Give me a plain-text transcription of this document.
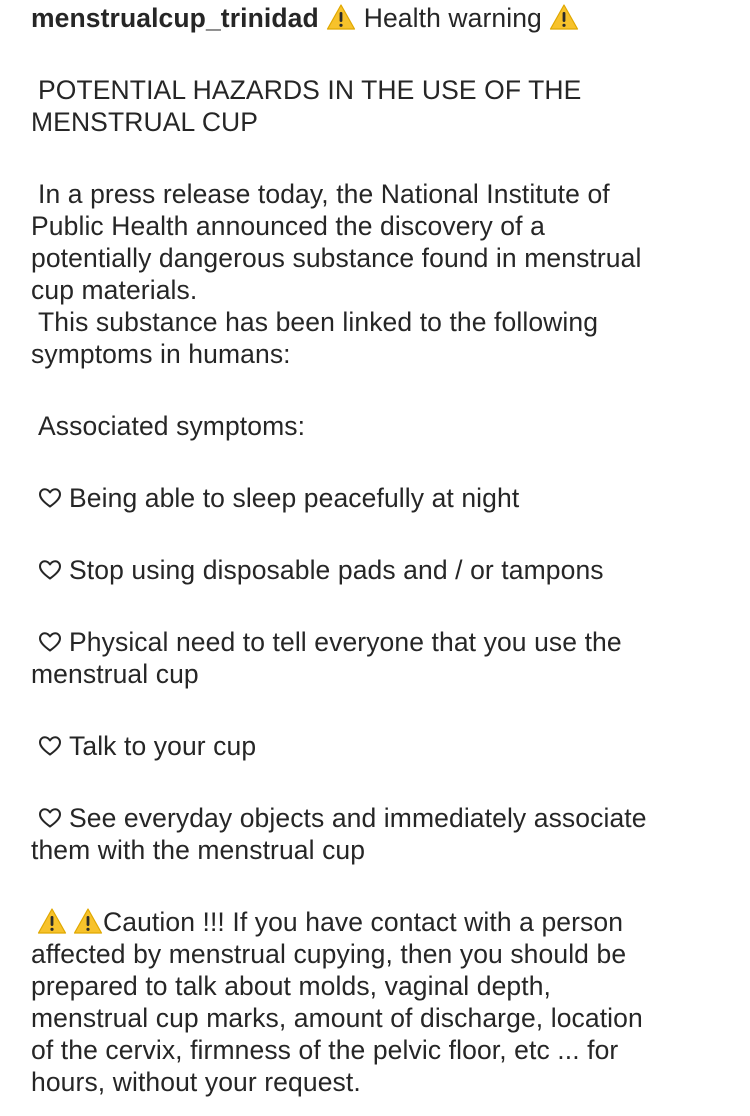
menstrualcup_trinidad Health warning
POTENTIAL HAZARDS IN THE USE OF THE
MENSTRUAL CUP
In a press release today, the National Institute of
Public Health announced the discovery of a
potentially dangerous substance found in menstrual
cup materials.
This substance has been linked to the following
symptoms in humans:
Associated symptoms:
Being able to sleep peacefully at night
Stop using disposable pads and / or tampons
Physical need to tell everyone that you use the
menstrual cup
Talk to your cup
See everyday objects and immediately associate
them with the menstrual cup
Caution !!! If you have contact with a person
affected by menstrual cupying, then you should be
prepared to talk about molds, vaginal depth,
menstrual cup marks, amount of discharge, location
of the cervix, firmness of the pelvic floor, etc ... for
hours, without your request.
